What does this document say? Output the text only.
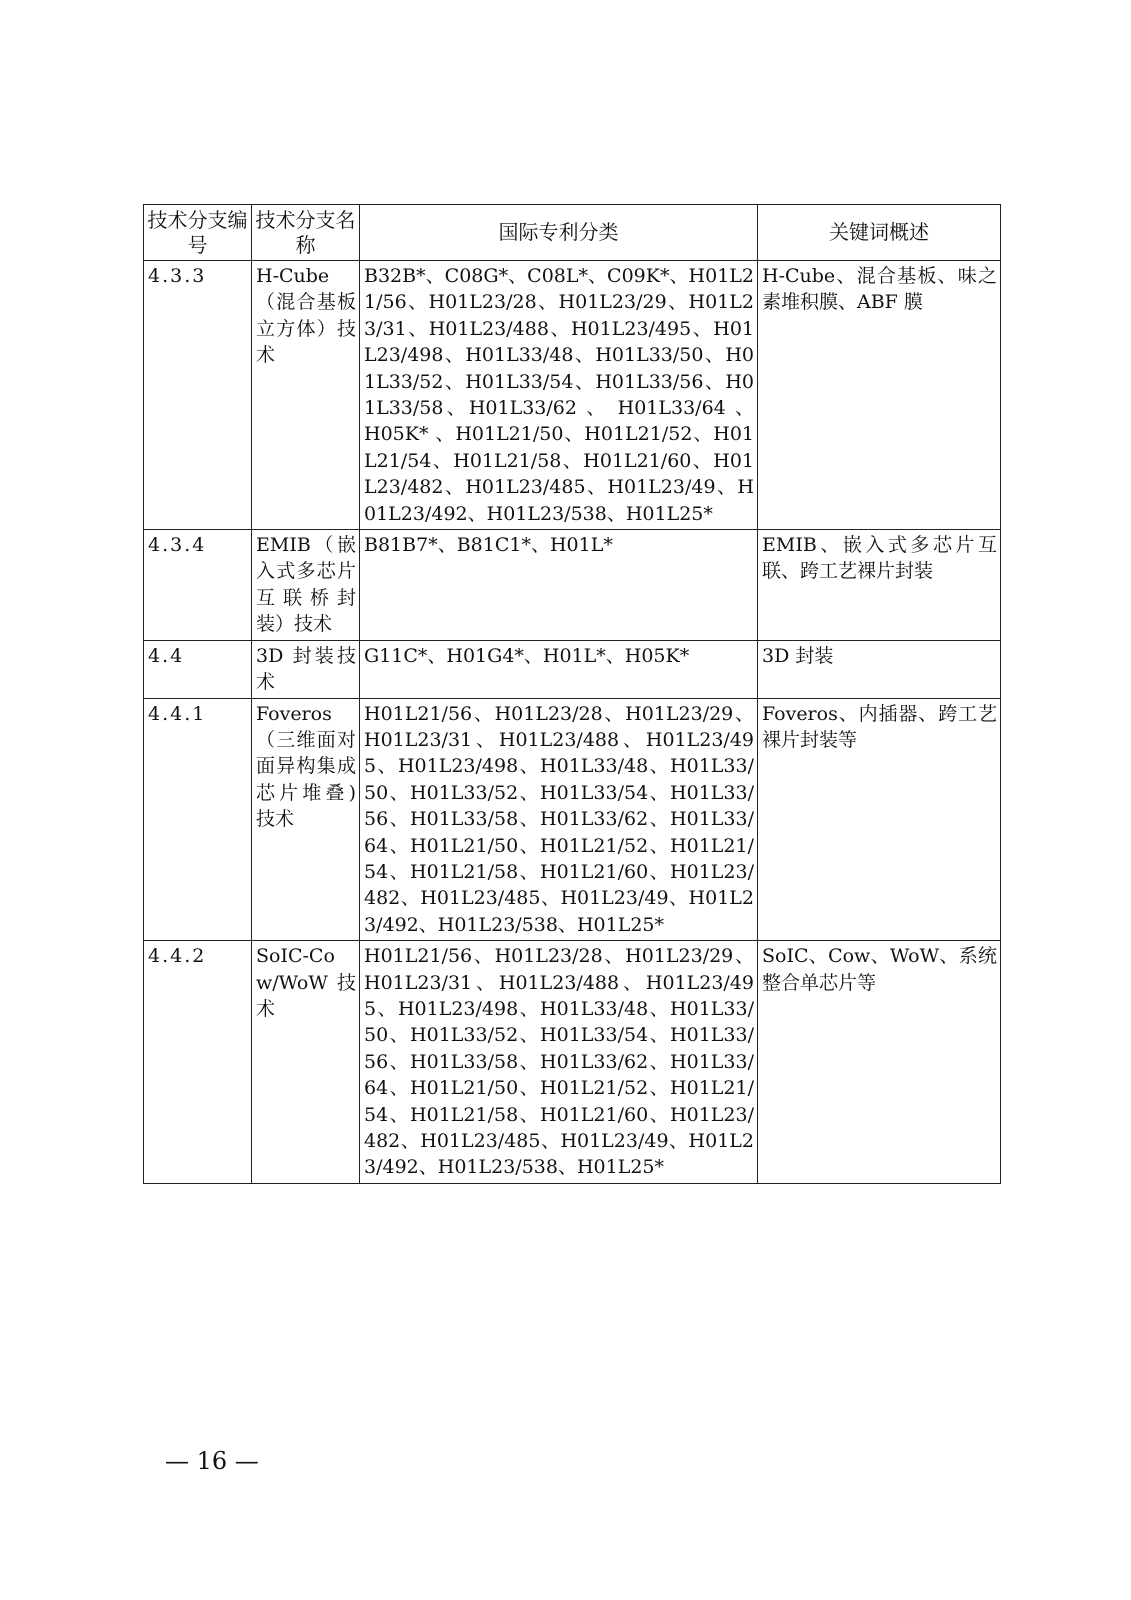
技术分支编号	技术分支名称	国际专利分类	关键词概述
4.3.3	H-Cube（混合基板立方体）技术	B32B*、C08G*、C08L*、C09K*、H01L21/56、H01L23/28、H01L23/29、H01L23/31、H01L23/488、H01L23/495、H01L23/498、H01L33/48、H01L33/50、H01L33/52、H01L33/54、H01L33/56、H01L33/58、H01L33/62 、 H01L33/64 、 H05K* 、H01L21/50、H01L21/52、H01L21/54、H01L21/58、H01L21/60、H01L23/482、H01L23/485、H01L23/49、H01L23/492、H01L23/538、H01L25*	H-Cube、混合基板、味之素堆积膜、ABF 膜
4.3.4	EMIB（嵌入式多芯片互联桥封装）技术	B81B7*、B81C1*、H01L*	EMIB、嵌入式多芯片互联、跨工艺裸片封装
4.4	3D 封装技术	G11C*、H01G4*、H01L*、H05K*	3D 封装
4.4.1	Foveros（三维面对面异构集成芯片堆叠)技术	H01L21/56、H01L23/28、H01L23/29、H01L23/31、H01L23/488、H01L23/495、H01L23/498、H01L33/48、H01L33/50、H01L33/52、H01L33/54、H01L33/56、H01L33/58、H01L33/62、H01L33/64、H01L21/50、H01L21/52、H01L21/54、H01L21/58、H01L21/60、H01L23/482、H01L23/485、H01L23/49、H01L23/492、H01L23/538、H01L25*	Foveros、内插器、跨工艺裸片封装等
4.4.2	SoIC-Cow/WoW 技术	H01L21/56、H01L23/28、H01L23/29、H01L23/31、H01L23/488、H01L23/495、H01L23/498、H01L33/48、H01L33/50、H01L33/52、H01L33/54、H01L33/56、H01L33/58、H01L33/62、H01L33/64、H01L21/50、H01L21/52、H01L21/54、H01L21/58、H01L21/60、H01L23/482、H01L23/485、H01L23/49、H01L23/492、H01L23/538、H01L25*	SoIC、Cow、WoW、系统整合单芯片等
— 16 —
